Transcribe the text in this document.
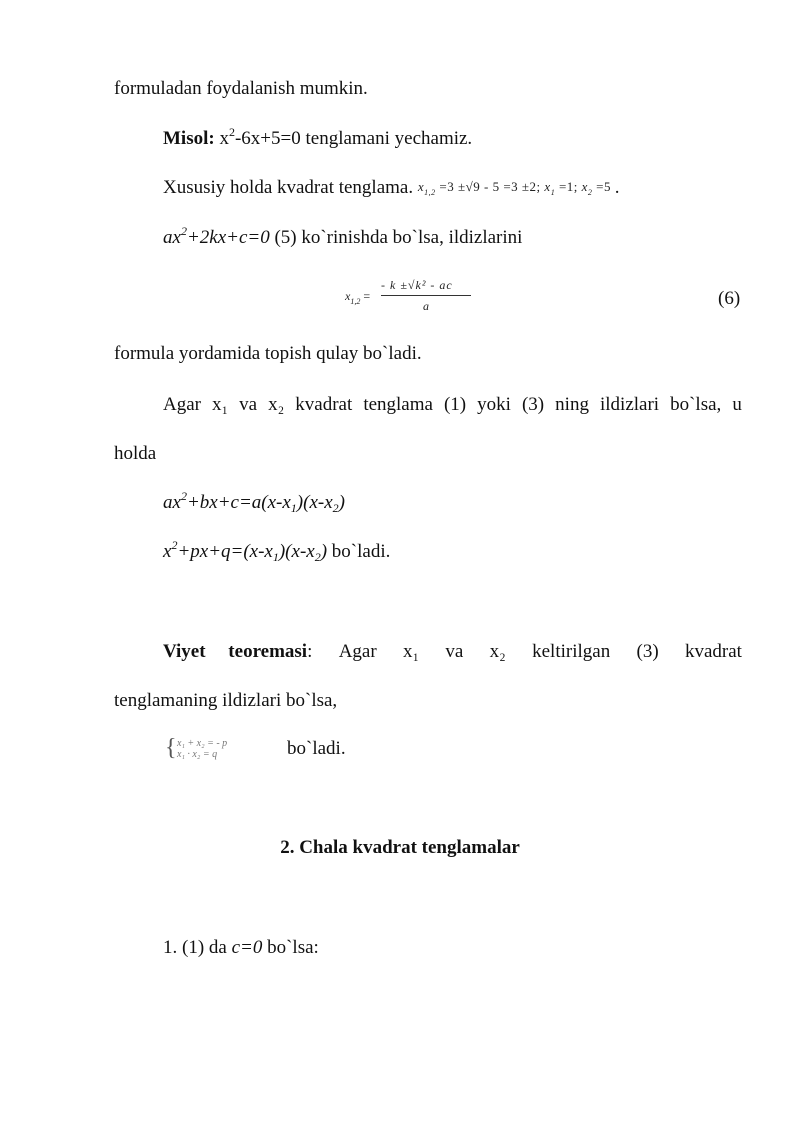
formuladan foydalanish mumkin.
Misol: $x^2-6x+5=0$ tenglamani yechamiz.
Xususiy holda kvadrat tenglama. $x_{1,2} =3 \pm√9 - 5 =3 \pm 2$; $x_1 =1$; $x_2 =5$ .
$ax^2+2kx+c=0$ (5) ko`rinishda bo`lsa, ildizlarini
$x_{1,2}$ =
- k ±√k² - ac
a	(6)
formula yordamida topish qulay bo`ladi.
Agar x₁ va x₂ kvadrat tenglama (1) yoki (3) ning ildizlari bo`lsa, u
holda
$ax^2+bx+c=a(x-x_1)(x-x_2)$
$x^2+px+q=(x-x_1)(x-x_2)$ bo`ladi.
Viyet teoremasi: Agar x₁ va x₂ keltirilgan (3) kvadrat
tenglamaning ildizlari bo`lsa,
{ x₁ + x₂ = - p
x₁ · x₂ = q	bo`ladi.
2. Chala kvadrat tenglamalar
1. (1) da c=0 bo`lsa:
